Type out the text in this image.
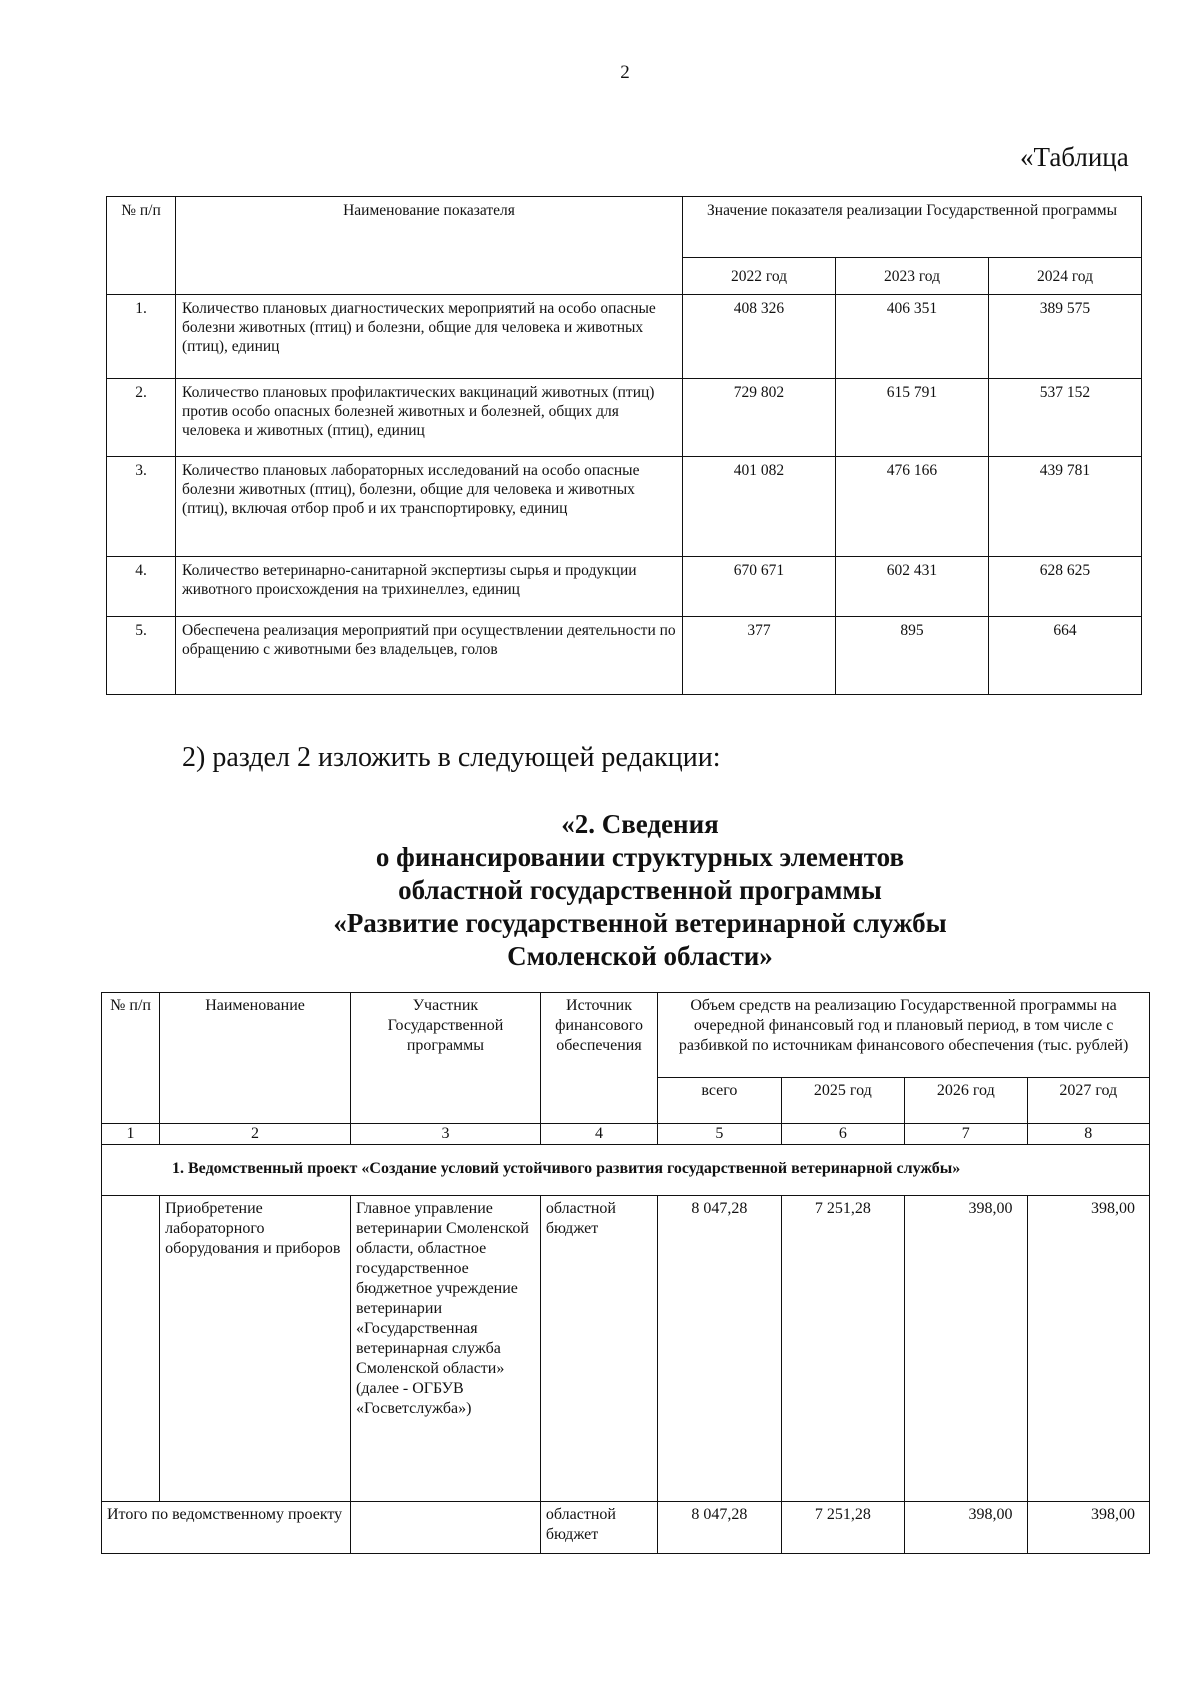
2
«Таблица
№ п/п	Наименование показателя	Значение показателя реализации Государственной программы		
		2022 год	2023 год	2024 год
1.	Количество плановых диагностических мероприятий на особо опасные болезни животных (птиц) и болезни, общие для человека и животных (птиц), единиц	408 326	406 351	389 575
2.	Количество плановых профилактических вакцинаций животных (птиц) против особо опасных болезней животных и болезней, общих для человека и животных (птиц), единиц	729 802	615 791	537 152
3.	Количество плановых лабораторных исследований на особо опасные болезни животных (птиц), болезни, общие для человека и животных (птиц), включая отбор проб и их транспортировку, единиц	401 082	476 166	439 781
4.	Количество ветеринарно-санитарной экспертизы сырья и продукции животного происхождения на трихинеллез, единиц	670 671	602 431	628 625
5.	Обеспечена реализация мероприятий при осуществлении деятельности по обращению с животными без владельцев, голов	377	895	664
2) раздел 2 изложить в следующей редакции:
«2. Сведения
о финансировании структурных элементов
областной государственной программы
«Развитие государственной ветеринарной службы
Смоленской области»
№ п/п	Наименование	Участник Государственной программы	Источник финансового обеспечения	Объем средств на реализацию Государственной программы на очередной финансовый год и плановый период, в том числе с разбивкой по источникам финансового обеспечения (тыс. рублей)			
				всего	2025 год	2026 год	2027 год
1	2	3	4	5	6	7	8
1. Ведомственный проект «Создание условий устойчивого развития государственной ветеринарной службы»							
	Приобретение лабораторного оборудования и приборов	Главное управление ветеринарии Смоленской области, областное государственное бюджетное учреждение ветеринарии «Государственная ветеринарная служба Смоленской области» (далее - ОГБУВ «Госветслужба»)	областной бюджет	8 047,28	7 251,28	398,00	398,00
Итого по ведомственному проекту			областной бюджет	8 047,28	7 251,28	398,00	398,00
